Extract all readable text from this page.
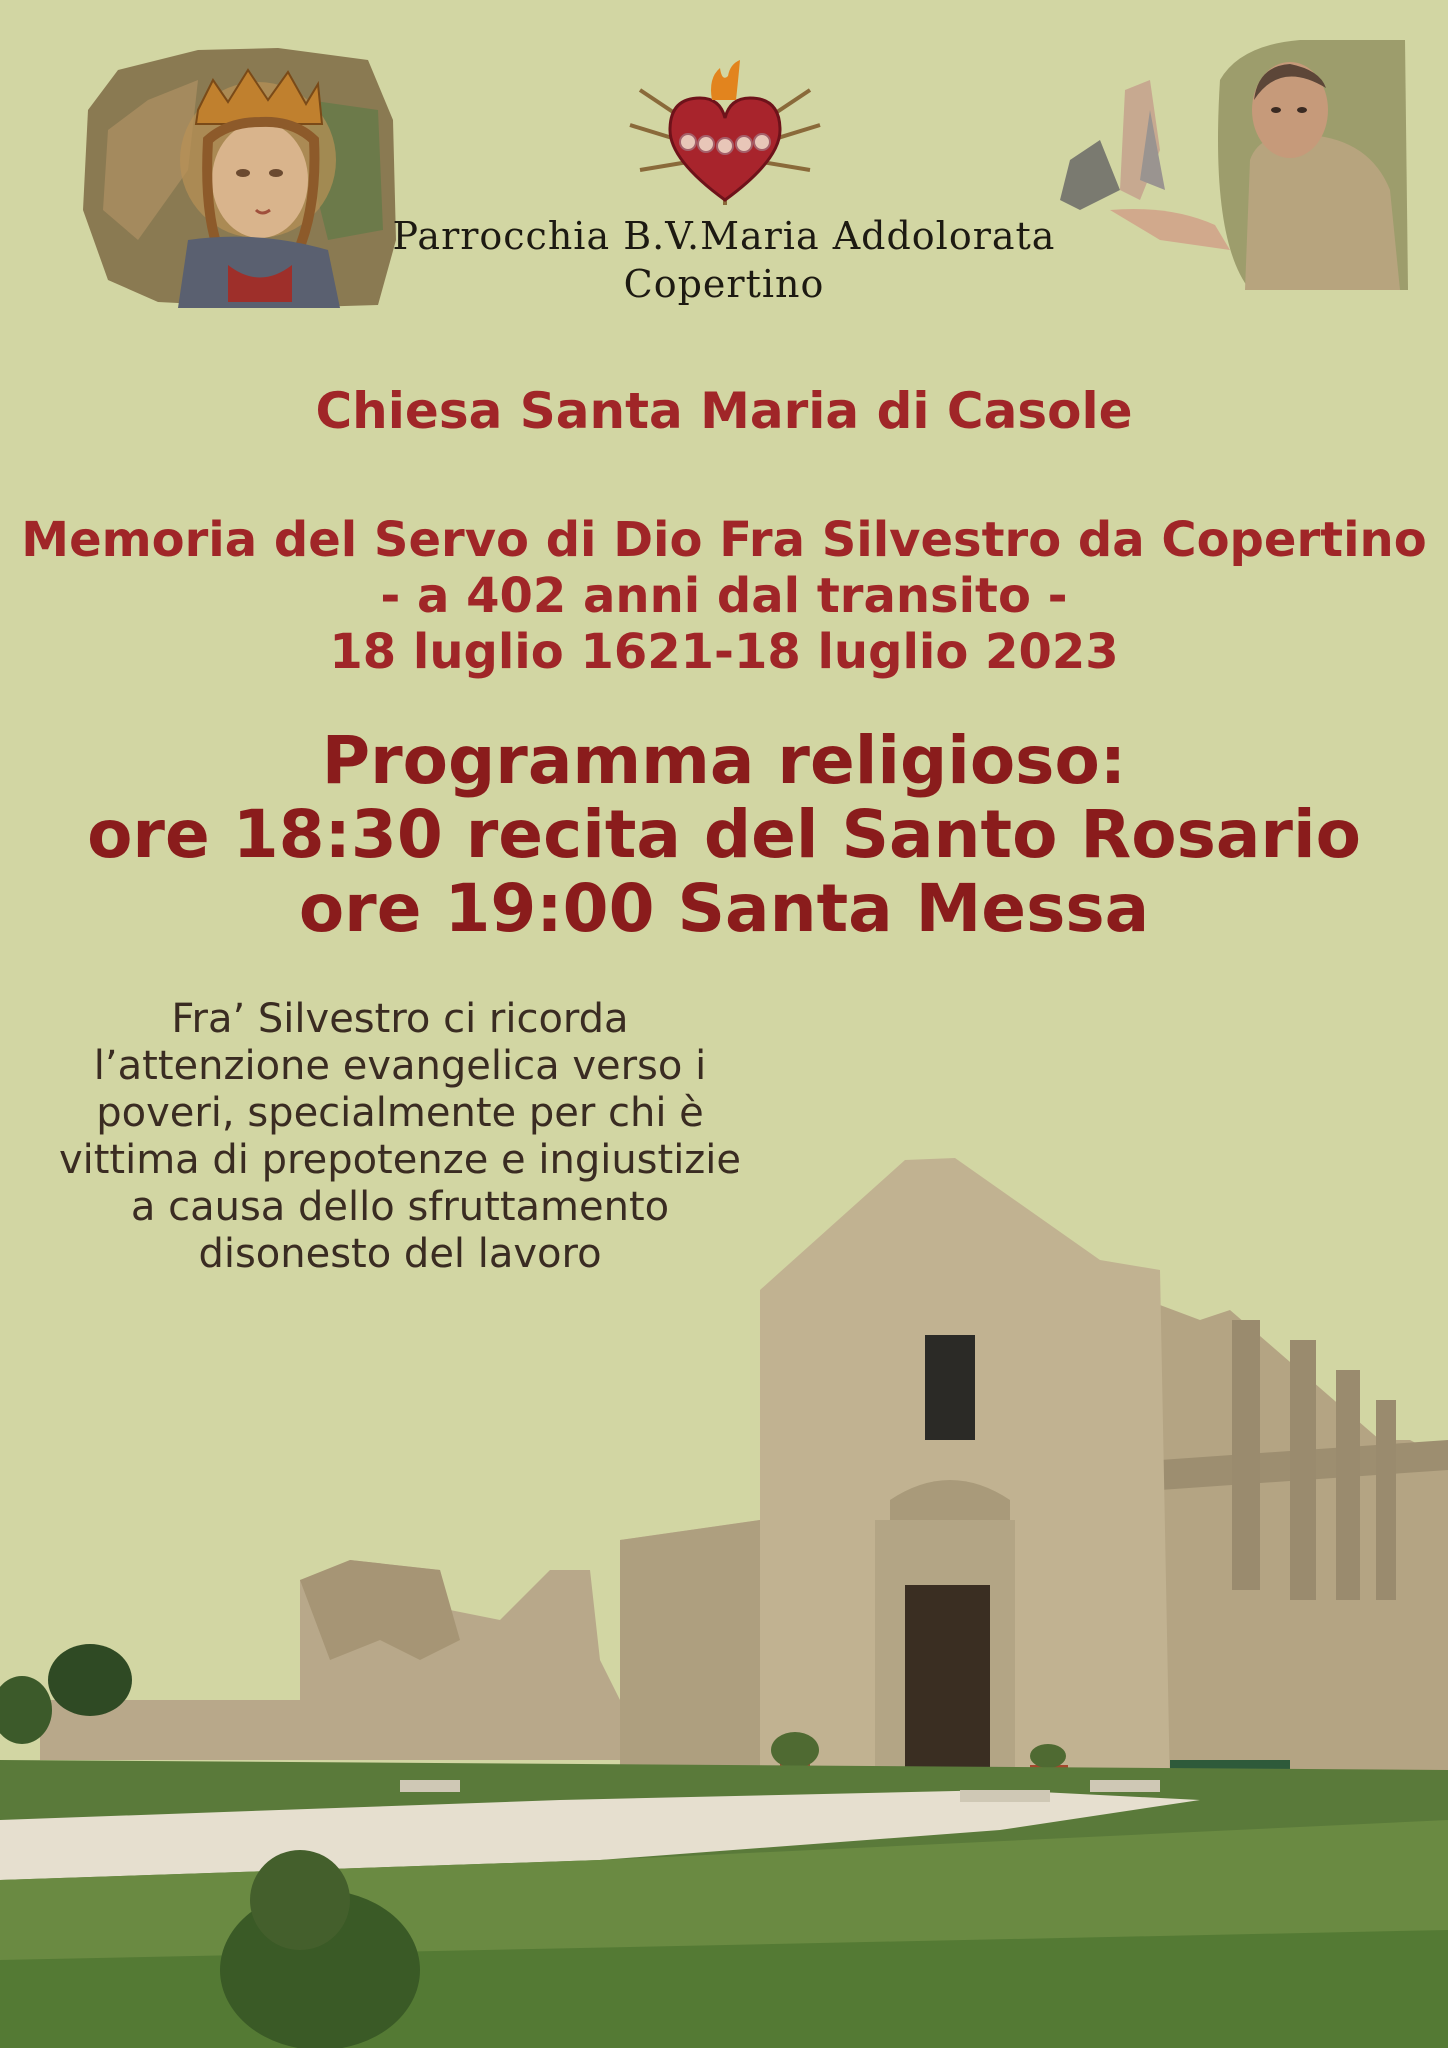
Parrocchia B.V.Maria Addolorata
Copertino
Chiesa Santa Maria di Casole
Memoria del Servo di Dio Fra Silvestro da Copertino
- a 402 anni dal transito -
18 luglio 1621-18 luglio 2023
Programma religioso:
ore 18:30 recita del Santo Rosario
ore 19:00 Santa Messa
Fra’ Silvestro ci ricorda
l’attenzione evangelica verso i
poveri, specialmente per chi è
vittima di prepotenze e ingiustizie
a causa dello sfruttamento
disonesto del lavoro
